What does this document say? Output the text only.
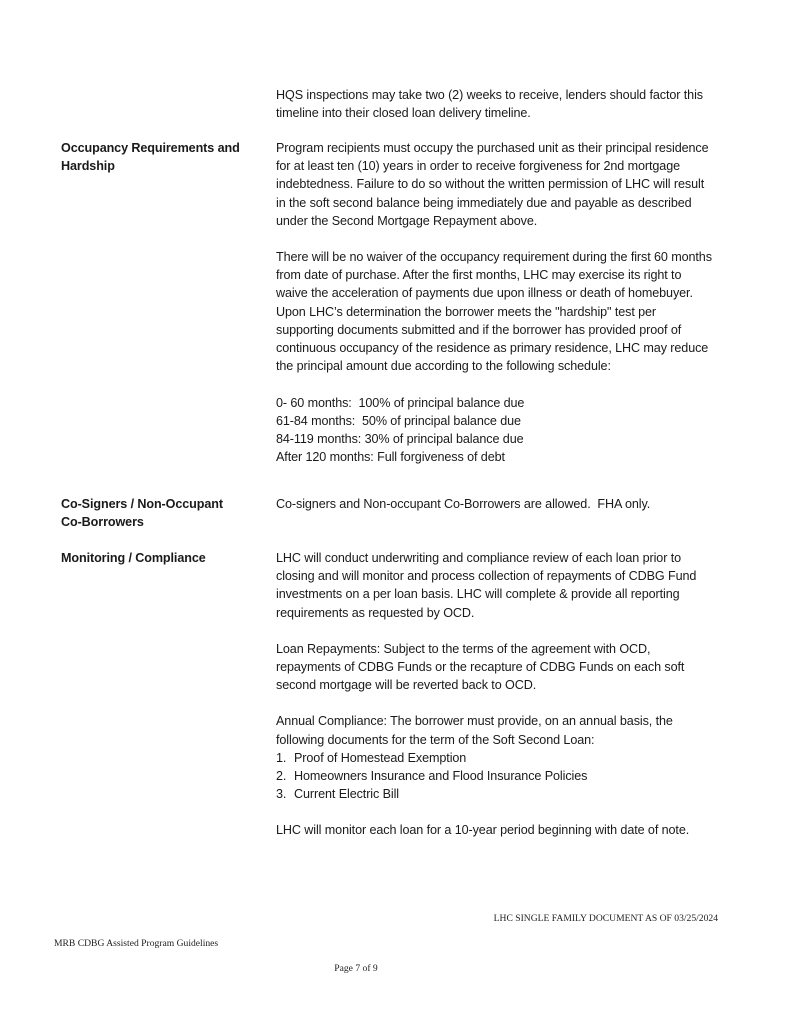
HQS inspections may take two (2) weeks to receive, lenders should factor this timeline into their closed loan delivery timeline.

Occupancy Requirements and Hardship

Program recipients must occupy the purchased unit as their principal residence for at least ten (10) years in order to receive forgiveness for 2nd mortgage indebtedness. Failure to do so without the written permission of LHC will result in the soft second balance being immediately due and payable as described under the Second Mortgage Repayment above.

There will be no waiver of the occupancy requirement during the first 60 months from date of purchase. After the first months, LHC may exercise its right to waive the acceleration of payments due upon illness or death of homebuyer. Upon LHC’s determination the borrower meets the "hardship" test per supporting documents submitted and if the borrower has provided proof of continuous occupancy of the residence as primary residence, LHC may reduce the principal amount due according to the following schedule:

0- 60 months:  100% of principal balance due
61-84 months:  50% of principal balance due
84-119 months: 30% of principal balance due
After 120 months: Full forgiveness of debt
Co-Signers / Non-Occupant Co-Borrowers

Co-signers and Non-occupant Co-Borrowers are allowed.  FHA only.

Monitoring / Compliance	LHC will conduct underwriting and compliance review of each loan prior to closing and will monitor and process collection of repayments of CDBG Fund investments on a per loan basis. LHC will complete & provide all reporting requirements as requested by OCD.

Loan Repayments: Subject to the terms of the agreement with OCD, repayments of CDBG Funds or the recapture of CDBG Funds on each soft second mortgage will be reverted back to OCD.

Annual Compliance: The borrower must provide, on an annual basis, the following documents for the term of the Soft Second Loan:

1. Proof of Homestead Exemption
2. Homeowners Insurance and Flood Insurance Policies
3. Current Electric Bill

LHC will monitor each loan for a 10-year period beginning with date of note.

LHC SINGLE FAMILY DOCUMENT AS OF 03/25/2024
MRB CDBG Assisted Program Guidelines
Page 7 of 9
